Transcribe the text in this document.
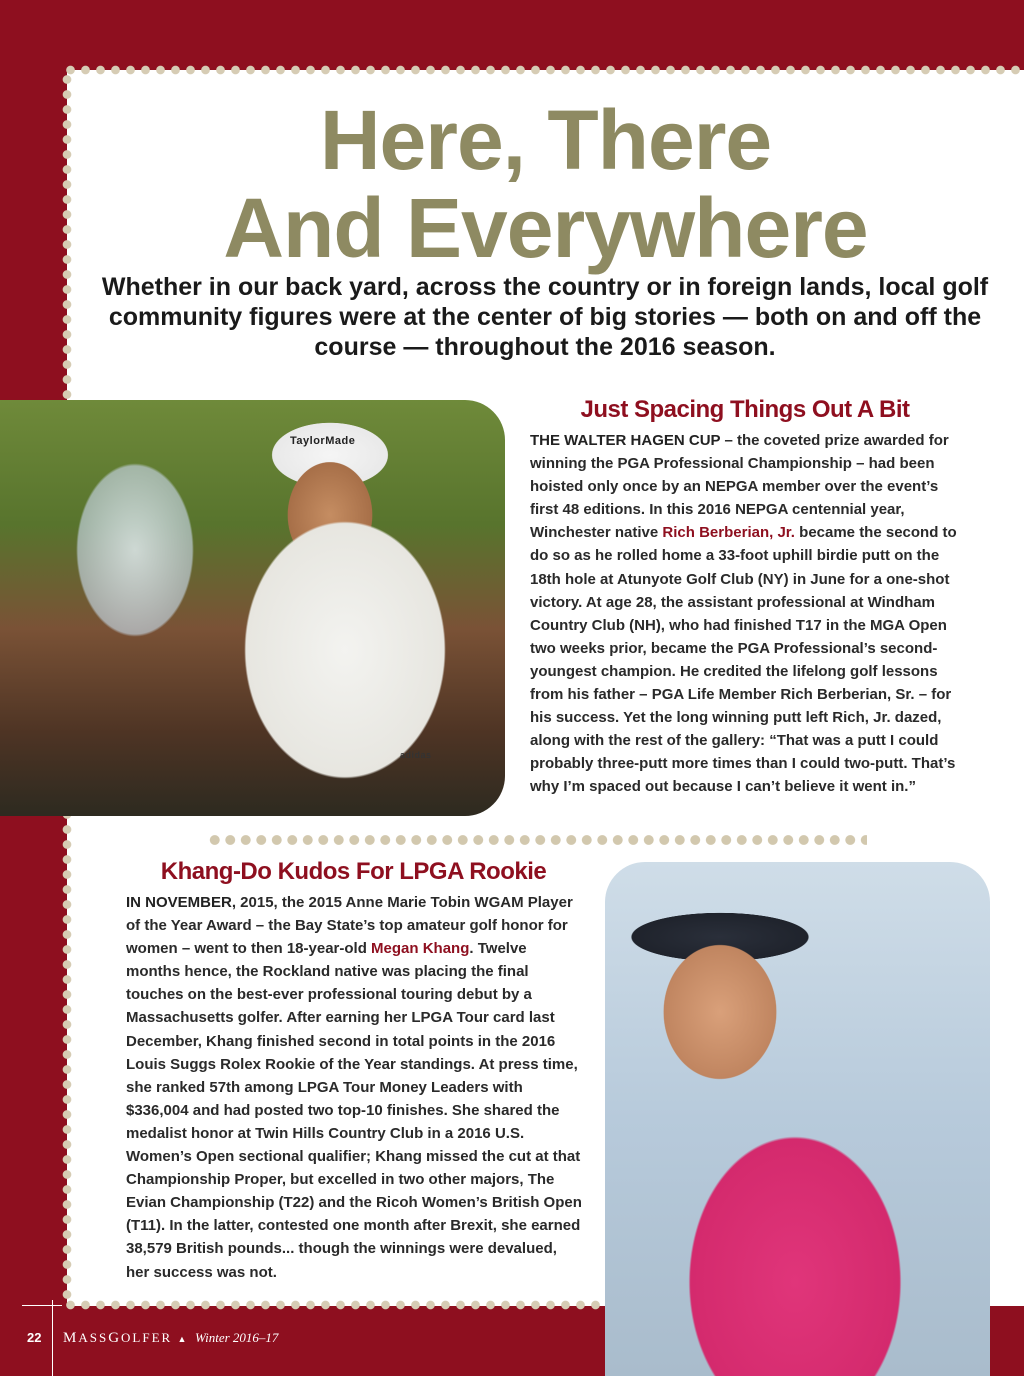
Here, There
And Everywhere

Whether in our back yard, across the country or in foreign lands, local golf community figures were at the center of big stories — both on and off the course — throughout the 2016 season.

TaylorMade
adidas
Just Spacing Things Out A Bit

THE WALTER HAGEN CUP – the coveted prize awarded for winning the PGA Professional Championship – had been hoisted only once by an NEPGA member over the event’s first 48 editions. In this 2016 NEPGA centennial year, Winchester native Rich Berberian, Jr. became the second to do so as he rolled home a 33-foot uphill birdie putt on the 18th hole at Atunyote Golf Club (NY) in June for a one-shot victory. At age 28, the assistant professional at Windham Country Club (NH), who had finished T17 in the MGA Open two weeks prior, became the PGA Professional’s second-youngest champion. He credited the lifelong golf lessons from his father – PGA Life Member Rich Berberian, Sr. – for his success. Yet the long winning putt left Rich, Jr. dazed, along with the rest of the gallery: “That was a putt I could probably three-putt more times than I could two-putt. That’s why I’m spaced out because I can’t believe it went in.”

Khang-Do Kudos For LPGA Rookie

IN NOVEMBER, 2015, the 2015 Anne Marie Tobin WGAM Player of the Year Award – the Bay State’s top amateur golf honor for women – went to then 18-year-old Megan Khang. Twelve months hence, the Rockland native was placing the final touches on the best-ever professional touring debut by a Massachusetts golfer. After earning her LPGA Tour card last December, Khang finished second in total points in the 2016 Louis Suggs Rolex Rookie of the Year standings. At press time, she ranked 57th among LPGA Tour Money Leaders with $336,004 and had posted two top-10 finishes. She shared the medalist honor at Twin Hills Country Club in a 2016 U.S. Women’s Open sectional qualifier; Khang missed the cut at that Championship Proper, but excelled in two other majors, The Evian Championship (T22) and the Ricoh Women’s British Open (T11). In the latter, contested one month after Brexit, she earned 38,579 British pounds... though the winnings were devalued, her success was not.

22 MASSGOLFER ▲ Winter 2016–17
